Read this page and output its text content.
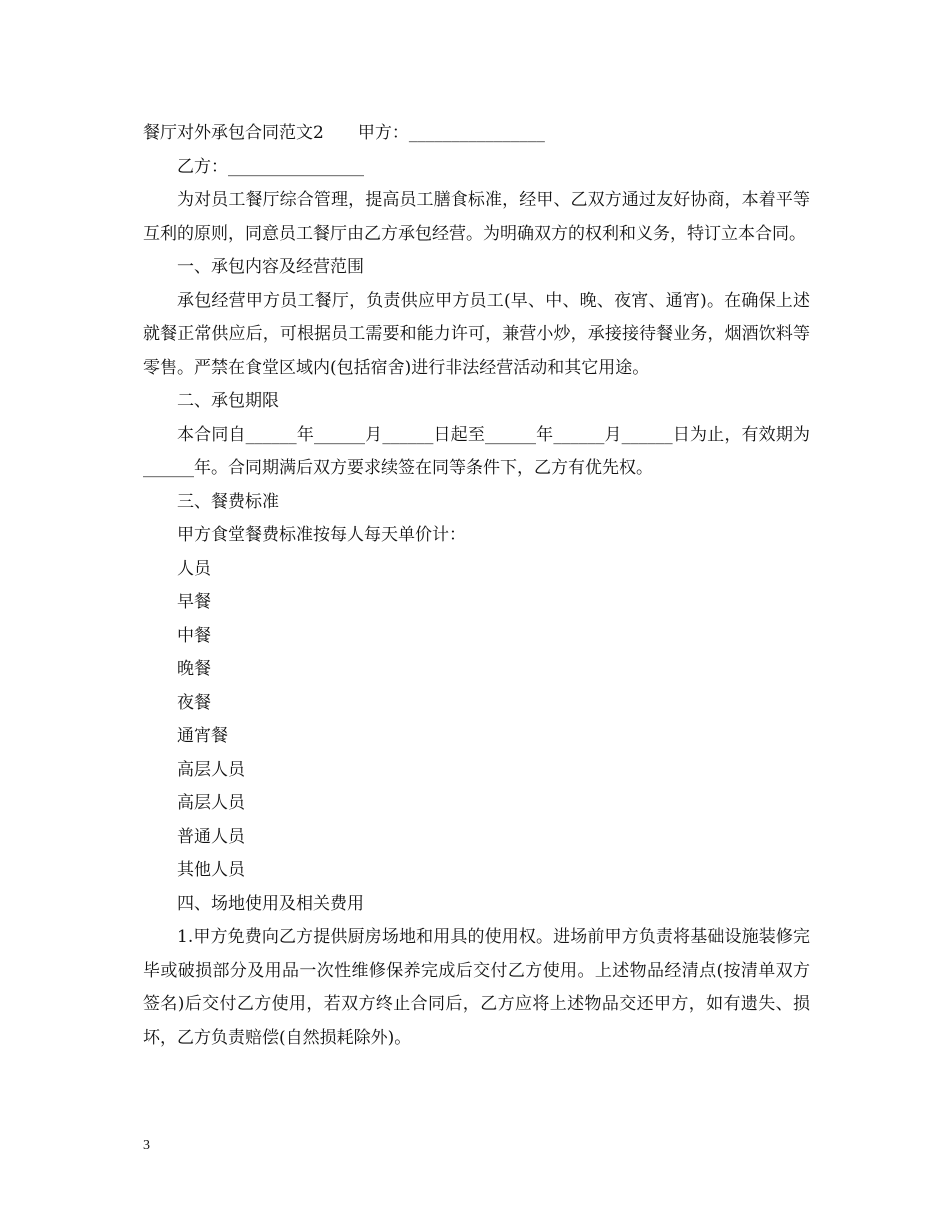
餐厅对外承包合同范文2 甲方：________________

乙方：________________

为对员工餐厅综合管理，提高员工膳食标准，经甲、乙双方通过友好协商，本着平等互利的原则，同意员工餐厅由乙方承包经营。为明确双方的权利和义务，特订立本合同。

一、承包内容及经营范围

承包经营甲方员工餐厅，负责供应甲方员工(早、中、晚、夜宵、通宵)。在确保上述就餐正常供应后，可根据员工需要和能力许可，兼营小炒，承接接待餐业务，烟酒饮料等零售。严禁在食堂区域内(包括宿舍)进行非法经营活动和其它用途。

二、承包期限

本合同自______年______月______日起至______年______月______日为止，有效期为______年。合同期满后双方要求续签在同等条件下，乙方有优先权。

三、餐费标准

甲方食堂餐费标准按每人每天单价计：

人员

早餐

中餐

晚餐

夜餐

通宵餐

高层人员

高层人员

普通人员

其他人员

四、场地使用及相关费用

1.甲方免费向乙方提供厨房场地和用具的使用权。进场前甲方负责将基础设施装修完毕或破损部分及用品一次性维修保养完成后交付乙方使用。上述物品经清点(按清单双方签名)后交付乙方使用，若双方终止合同后，乙方应将上述物品交还甲方，如有遗失、损坏，乙方负责赔偿(自然损耗除外)。

3
